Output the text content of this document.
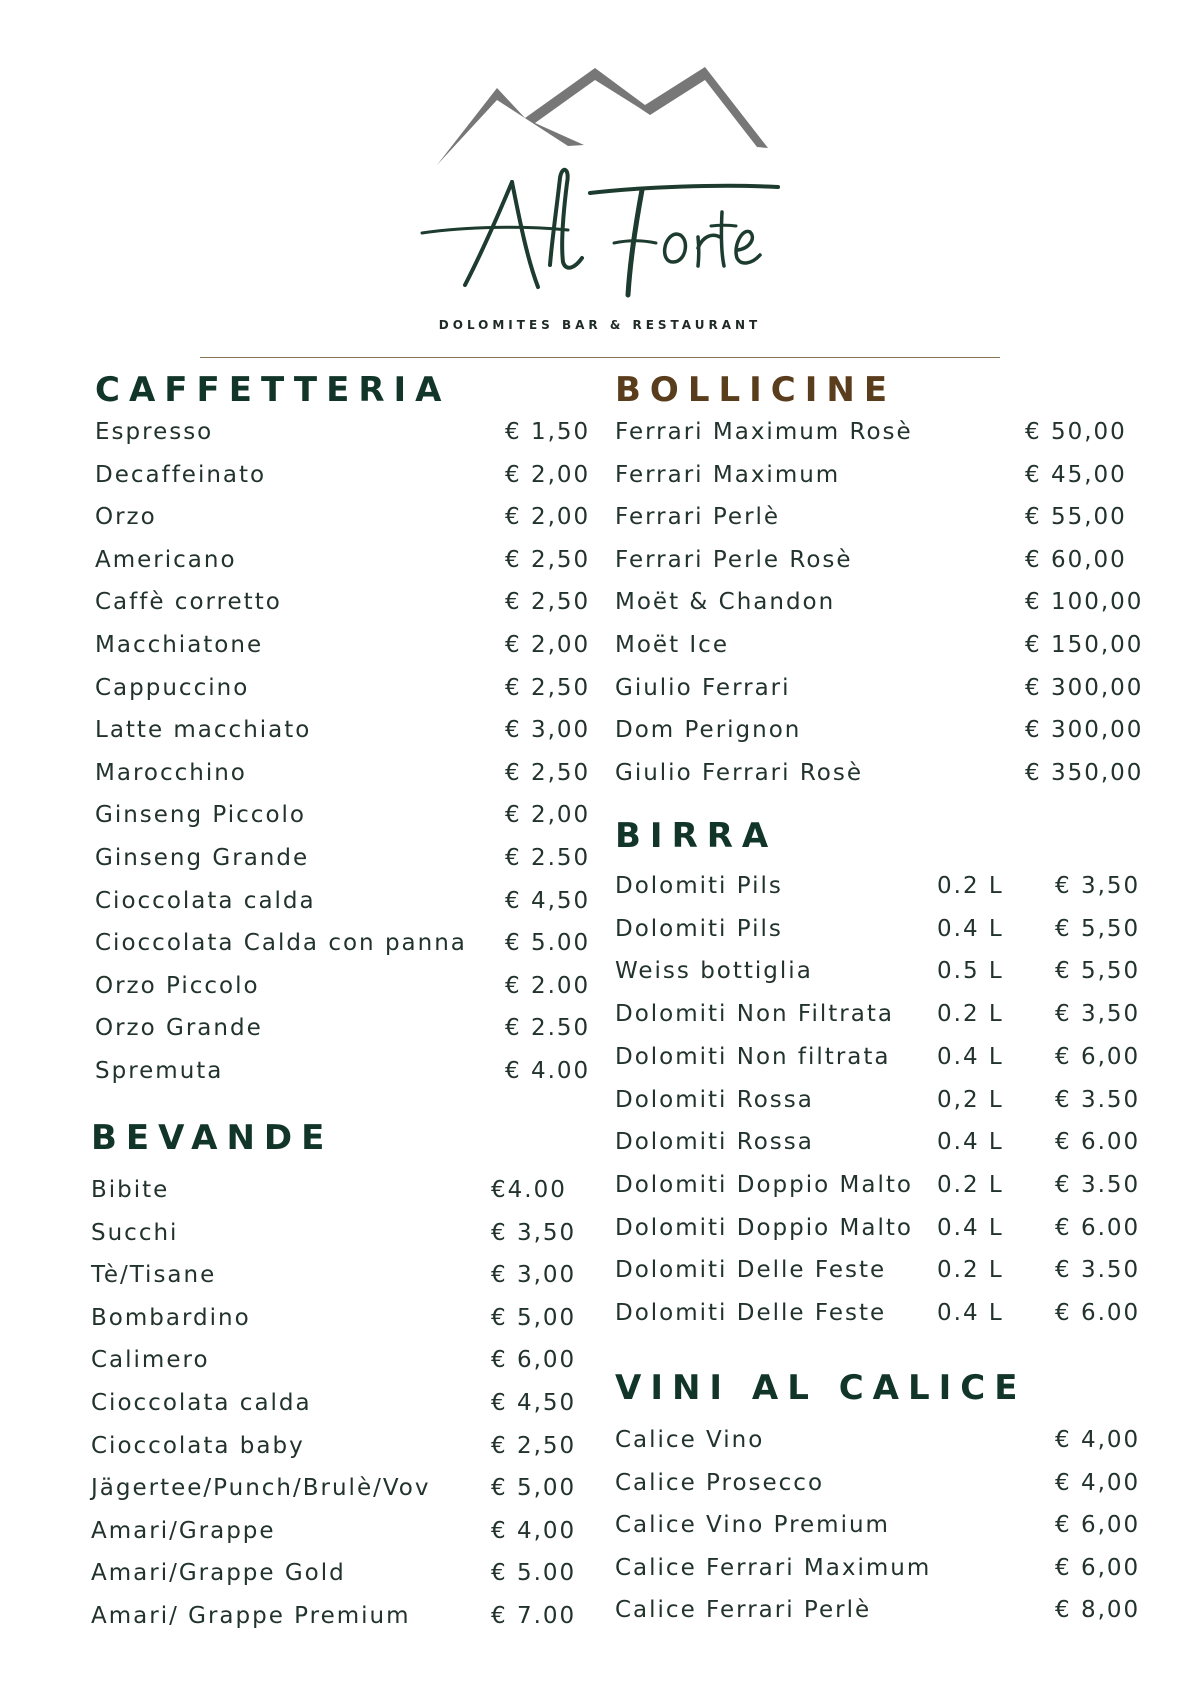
DOLOMITES BAR & RESTAURANT
CAFFETTERIA
Espresso	€ 1,50
Decaffeinato	€ 2,00
Orzo	€ 2,00
Americano	€ 2,50
Caffè corretto	€ 2,50
Macchiatone	€ 2,00
Cappuccino	€ 2,50
Latte macchiato	€ 3,00
Marocchino	€ 2,50
Ginseng Piccolo	€ 2,00
Ginseng Grande	€ 2.50
Cioccolata calda	€ 4,50
Cioccolata Calda con panna € 5.00
Orzo Piccolo	€ 2.00
Orzo Grande	€ 2.50
Spremuta	€ 4.00
BEVANDE
Bibite	€4.00
Succhi	€ 3,50
Tè/Tisane	€ 3,00
Bombardino	€ 5,00
Calimero	€ 6,00
Cioccolata calda	€ 4,50
Cioccolata baby	€ 2,50
Jägertee/Punch/Brulè/Vov	€ 5,00
Amari/Grappe	€ 4,00
Amari/Grappe Gold	€ 5.00
Amari/ Grappe Premium	€ 7.00
BOLLICINE
Ferrari Maximum Rosè	€ 50,00
Ferrari Maximum	€ 45,00
Ferrari Perlè	€ 55,00
Ferrari Perle Rosè	€ 60,00
Moët & Chandon	€ 100,00
Moët Ice	€ 150,00
Giulio Ferrari	€ 300,00
Dom Perignon	€ 300,00
Giulio Ferrari Rosè	€ 350,00
BIRRA
Dolomiti Pils	0.2 L € 3,50
Dolomiti Pils	0.4 L € 5,50
Weiss bottiglia	0.5 L € 5,50
Dolomiti Non Filtrata 0.2 L € 3,50
Dolomiti Non filtrata 0.4 L € 6,00
Dolomiti Rossa	0,2 L € 3.50
Dolomiti Rossa	0.4 L € 6.00
Dolomiti Doppio Malto 0.2 L € 3.50
Dolomiti Doppio Malto 0.4 L € 6.00
Dolomiti Delle Feste 0.2 L € 3.50
Dolomiti Delle Feste 0.4 L € 6.00
VINI AL CALICE
Calice Vino	€ 4,00
Calice Prosecco	€ 4,00
Calice Vino Premium	€ 6,00
Calice Ferrari Maximum	€ 6,00
Calice Ferrari Perlè	€ 8,00
